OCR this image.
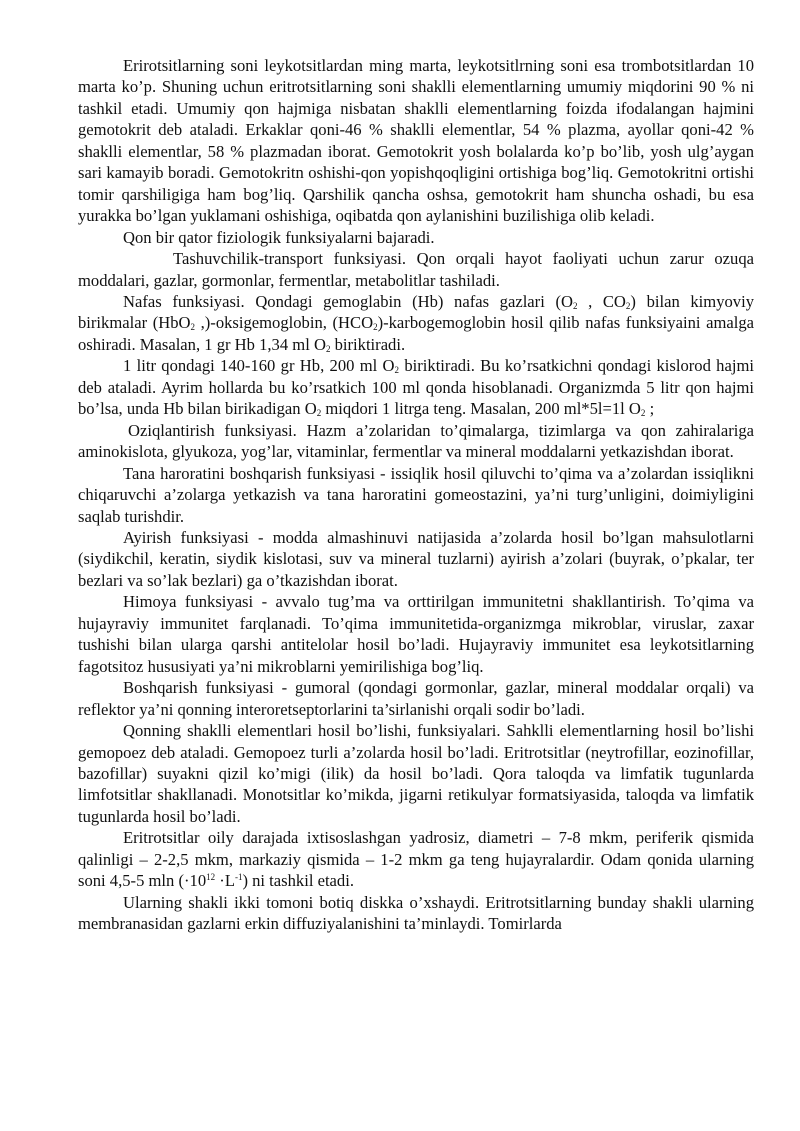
Erirotsitlarning soni leykotsitlardan ming marta, leykotsitlrning soni esa trombotsitlardan 10 marta ko’p. Shuning uchun eritrotsitlarning soni shaklli elementlarning umumiy miqdorini 90 % ni tashkil etadi. Umumiy qon hajmiga nisbatan shaklli elementlarning foizda ifodalangan hajmini gemotokrit deb ataladi. Erkaklar qoni-46 % shaklli elementlar, 54 % plazma, ayollar qoni-42 % shaklli elementlar, 58 % plazmadan iborat. Gemotokrit yosh bolalarda ko’p bo’lib, yosh ulg’aygan sari kamayib boradi. Gemotokritn oshishi-qon yopishqoqligini ortishiga bog’liq. Gemotokritni ortishi tomir qarshiligiga ham bog’liq. Qarshilik qancha oshsa, gemotokrit ham shuncha oshadi, bu esa yurakka bo’lgan yuklamani oshishiga, oqibatda qon aylanishini buzilishiga olib keladi.

Qon bir qator fiziologik funksiyalarni bajaradi.

Tashuvchilik-transport funksiyasi. Qon orqali hayot faoliyati uchun zarur ozuqa moddalari, gazlar, gormonlar, fermentlar, metabolitlar tashiladi.

Nafas funksiyasi. Qondagi gemoglabin (Hb) nafas gazlari ($O_2$ , $CO_2$) bilan kimyoviy birikmalar (HbO$_2$ ,)-oksigemoglobin, $(HCO_2)$-karbogemoglobin hosil qilib nafas funksiyaini amalga oshiradi. Masalan, 1 gr Hb 1,34 ml $O_2$ biriktiradi.

1 litr qondagi 140-160 gr Hb, 200 ml $O_2$ biriktiradi. Bu ko’rsatkichni qondagi kislorod hajmi deb ataladi. Ayrim hollarda bu ko’rsatkich 100 ml qonda hisoblanadi. Organizmda 5 litr qon hajmi bo’lsa, unda Hb bilan birikadigan $O_2$ miqdori 1 litrga teng. Masalan, 200 ml*5l=1l $O_2$ ;

Oziqlantirish funksiyasi. Hazm a’zolaridan to’qimalarga, tizimlarga va qon zahiralariga aminokislota, glyukoza, yog’lar, vitaminlar, fermentlar va mineral moddalarni yetkazishdan iborat.

Tana haroratini boshqarish funksiyasi - issiqlik hosil qiluvchi to’qima va a’zolardan issiqlikni chiqaruvchi a’zolarga yetkazish va tana haroratini gomeostazini, ya’ni turg’unligini, doimiyligini saqlab turishdir.

Ayirish funksiyasi - modda almashinuvi natijasida a’zolarda hosil bo’lgan mahsulotlarni (siydikchil, keratin, siydik kislotasi, suv va mineral tuzlarni) ayirish a’zolari (buyrak, o’pkalar, ter bezlari va so’lak bezlari) ga o’tkazishdan iborat.

Himoya funksiyasi - avvalo tug’ma va orttirilgan immunitetni shakllantirish. To’qima va hujayraviy immunitet farqlanadi. To’qima immunitetida-organizmga mikroblar, viruslar, zaxar tushishi bilan ularga qarshi antitelolar hosil bo’ladi. Hujayraviy immunitet esa leykotsitlarning fagotsitoz hususiyati ya’ni mikroblarni yemirilishiga bog’liq.

Boshqarish funksiyasi - gumoral (qondagi gormonlar, gazlar, mineral moddalar orqali) va reflektor ya’ni qonning interoretseptorlarini ta’sirlanishi orqali sodir bo’ladi.

Qonning shaklli elementlari hosil bo’lishi, funksiyalari. Sahklli elementlarning hosil bo’lishi gemopoez deb ataladi. Gemopoez turli a’zolarda hosil bo’ladi. Eritrotsitlar (neytrofillar, eozinofillar, bazofillar) suyakni qizil ko’migi (ilik) da hosil bo’ladi. Qora taloqda va limfatik tugunlarda limfotsitlar shakllanadi. Monotsitlar ko’mikda, jigarni retikulyar formatsiyasida, taloqda va limfatik tugunlarda hosil bo’ladi.

Eritrotsitlar oily darajada ixtisoslashgan yadrosiz, diametri – 7-8 mkm, periferik qismida qalinligi – 2-2,5 mkm, markaziy qismida – 1-2 mkm ga teng hujayralardir. Odam qonida ularning soni 4,5-5 mln $(\cdot 10^{12} \cdot L^{-1})$ ni tashkil etadi.

Ularning shakli ikki tomoni botiq diskka o’xshaydi. Eritrotsitlarning bunday shakli ularning membranasidan gazlarni erkin diffuziyalanishini ta’minlaydi. Tomirlarda
